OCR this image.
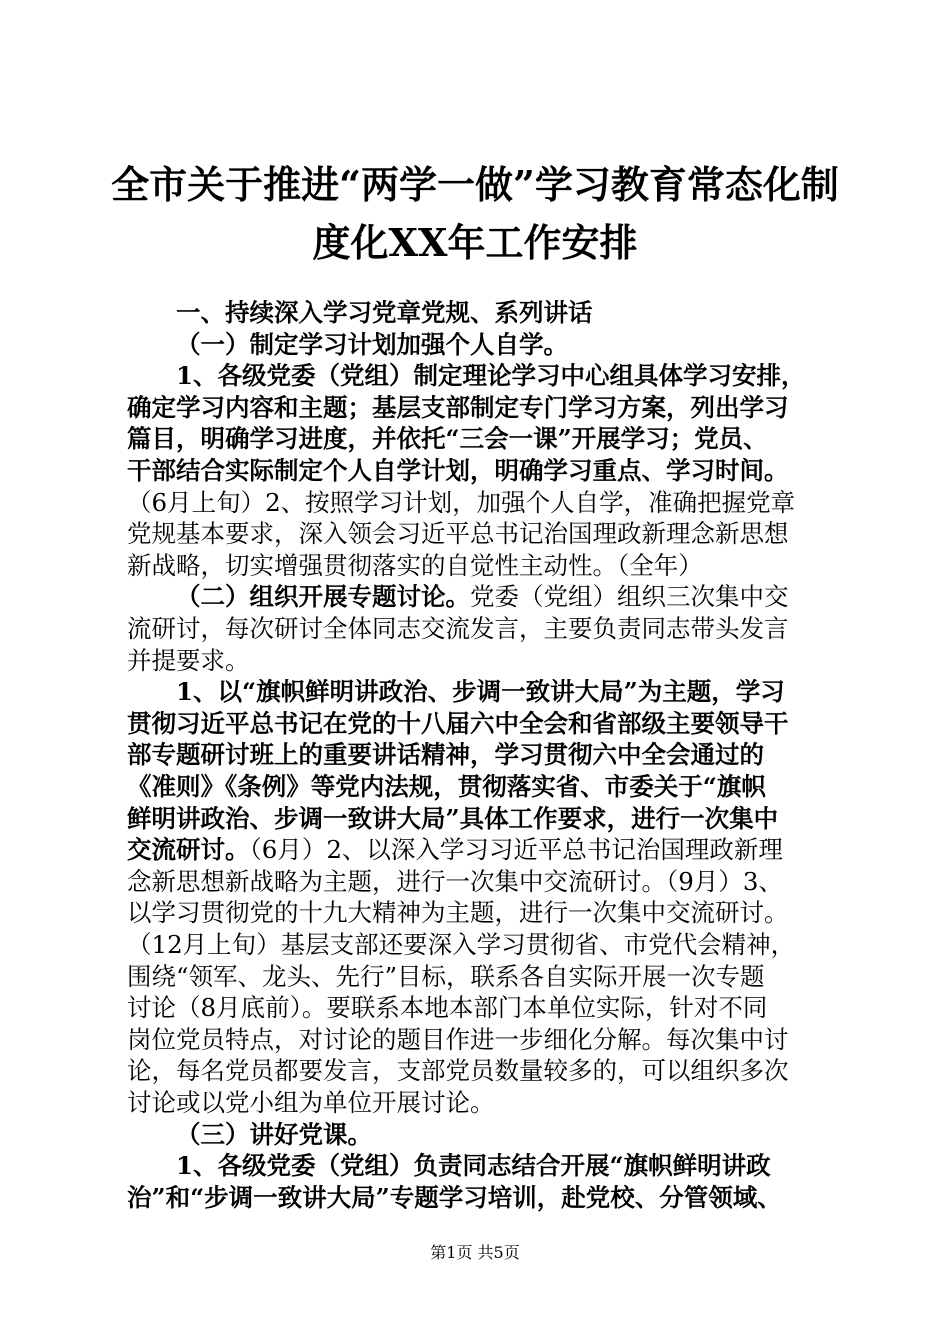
全市关于推进“两学一做”学习教育常态化制
度化XX年工作安排
一、持续深入学习党章党规、系列讲话
（一）制定学习计划加强个人自学。
1、各级党委（党组）制定理论学习中心组具体学习安排，
确定学习内容和主题；基层支部制定专门学习方案，列出学习
篇目，明确学习进度，并依托“三会一课”开展学习；党员、
干部结合实际制定个人自学计划，明确学习重点、学习时间。
（6月上旬）2、按照学习计划，加强个人自学，准确把握党章
党规基本要求，深入领会习近平总书记治国理政新理念新思想
新战略，切实增强贯彻落实的自觉性主动性。（全年）
（二）组织开展专题讨论。党委（党组）组织三次集中交
流研讨，每次研讨全体同志交流发言，主要负责同志带头发言
并提要求。
1、以“旗帜鲜明讲政治、步调一致讲大局”为主题，学习
贯彻习近平总书记在党的十八届六中全会和省部级主要领导干
部专题研讨班上的重要讲话精神，学习贯彻六中全会通过的
《准则》《条例》等党内法规，贯彻落实省、市委关于“旗帜
鲜明讲政治、步调一致讲大局”具体工作要求，进行一次集中
交流研讨。（6月）2、以深入学习习近平总书记治国理政新理
念新思想新战略为主题，进行一次集中交流研讨。（9月）3、
以学习贯彻党的十九大精神为主题，进行一次集中交流研讨。
（12月上旬）基层支部还要深入学习贯彻省、市党代会精神，
围绕“领军、龙头、先行”目标，联系各自实际开展一次专题
讨论（8月底前）。要联系本地本部门本单位实际，针对不同
岗位党员特点，对讨论的题目作进一步细化分解。每次集中讨
论，每名党员都要发言，支部党员数量较多的，可以组织多次
讨论或以党小组为单位开展讨论。
（三）讲好党课。
1、各级党委（党组）负责同志结合开展“旗帜鲜明讲政
治”和“步调一致讲大局”专题学习培训，赴党校、分管领域、
第1页 共5页
